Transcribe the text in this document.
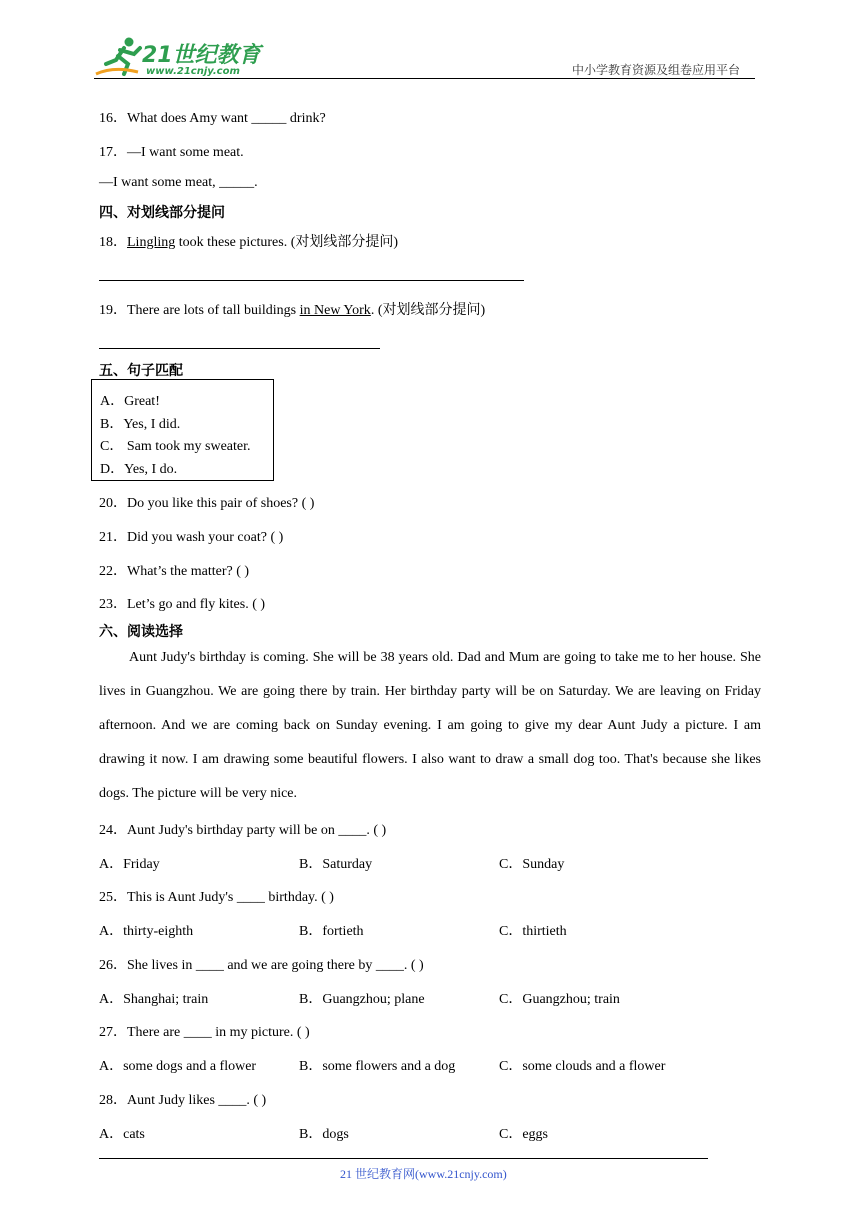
21世纪教育
www.21cnjy.com	中小学教育资源及组卷应用平台
16．What does Amy want _____ drink?
17．—I want some meat.
—I want some meat, _____.
四、对划线部分提问
18．Lingling took these pictures. (对划线部分提问)
19．There are lots of tall buildings in New York. (对划线部分提问)
五、句子匹配
A．Great!
B．Yes, I did.
C． Sam took my sweater.
D．Yes, I do.
20．Do you like this pair of shoes? ( )
21．Did you wash your coat? ( )
22．What’s the matter? ( )
23．Let’s go and fly kites. ( )
六、阅读选择
Aunt Judy's birthday is coming. She will be 38 years old. Dad and Mum are going to take me to her house. She lives in Guangzhou. We are going there by train. Her birthday party will be on Saturday. We are leaving on Friday afternoon. And we are coming back on Sunday evening. I am going to give my dear Aunt Judy a picture. I am drawing it now. I am drawing some beautiful flowers. I also want to draw a small dog too. That's because she likes dogs. The picture will be very nice.
24．Aunt Judy's birthday party will be on ____. ( )
A．Friday	B．Saturday	C．Sunday
25．This is Aunt Judy's ____ birthday. ( )
A．thirty-eighth	B．fortieth	C．thirtieth
26．She lives in ____ and we are going there by ____. ( )
A．Shanghai; train	B．Guangzhou; plane	C．Guangzhou; train
27．There are ____ in my picture. ( )
A．some dogs and a flower	B．some flowers and a dog	C．some clouds and a flower
28．Aunt Judy likes ____. ( )
A．cats	B．dogs	C．eggs
21 世纪教育网(www.21cnjy.com)
